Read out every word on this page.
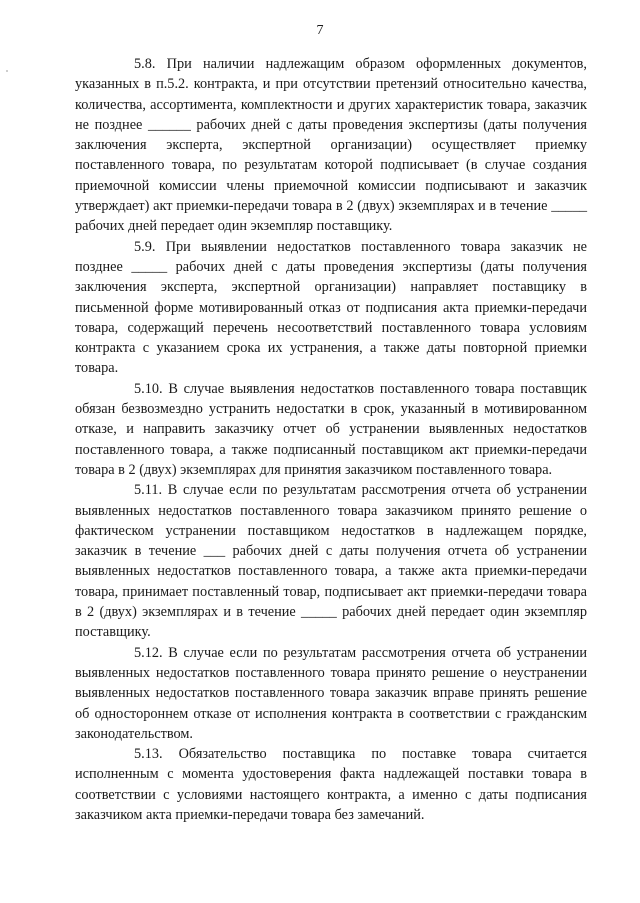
7

5.8. При наличии надлежащим образом оформленных документов, указанных в п.5.2. контракта, и при отсутствии претензий относительно качества, количества, ассортимента, комплектности и других характеристик товара, заказчик не позднее ______ рабочих дней с даты проведения экспертизы (даты получения заключения эксперта, экспертной организации) осуществляет приемку поставленного товара, по результатам которой подписывает (в случае создания приемочной комиссии члены приемочной комиссии подписывают и заказчик утверждает) акт приемки-передачи товара в 2 (двух) экземплярах и в течение _____ рабочих дней передает один экземпляр поставщику.

5.9. При выявлении недостатков поставленного товара заказчик не позднее _____ рабочих дней с даты проведения экспертизы (даты получения заключения эксперта, экспертной организации) направляет поставщику в письменной форме мотивированный отказ от подписания акта приемки-передачи товара, содержащий перечень несоответствий поставленного товара условиям контракта с указанием срока их устранения, а также даты повторной приемки товара.

5.10. В случае выявления недостатков поставленного товара поставщик обязан безвозмездно устранить недостатки в срок, указанный в мотивированном отказе, и направить заказчику отчет об устранении выявленных недостатков поставленного товара, а также подписанный поставщиком акт приемки-передачи товара в 2 (двух) экземплярах для принятия заказчиком поставленного товара.

5.11. В случае если по результатам рассмотрения отчета об устранении выявленных недостатков поставленного товара заказчиком принято решение о фактическом устранении поставщиком недостатков в надлежащем порядке, заказчик в течение ___ рабочих дней с даты получения отчета об устранении выявленных недостатков поставленного товара, а также акта приемки-передачи товара, принимает поставленный товар, подписывает акт приемки-передачи товара в 2 (двух) экземплярах и в течение _____ рабочих дней передает один экземпляр поставщику.

5.12. В случае если по результатам рассмотрения отчета об устранении выявленных недостатков поставленного товара принято решение о неустранении выявленных недостатков поставленного товара заказчик вправе принять решение об одностороннем отказе от исполнения контракта в соответствии с гражданским законодательством.

5.13. Обязательство поставщика по поставке товара считается исполненным с момента удостоверения факта надлежащей поставки товара в соответствии с условиями настоящего контракта, а именно с даты подписания заказчиком акта приемки-передачи товара без замечаний.
